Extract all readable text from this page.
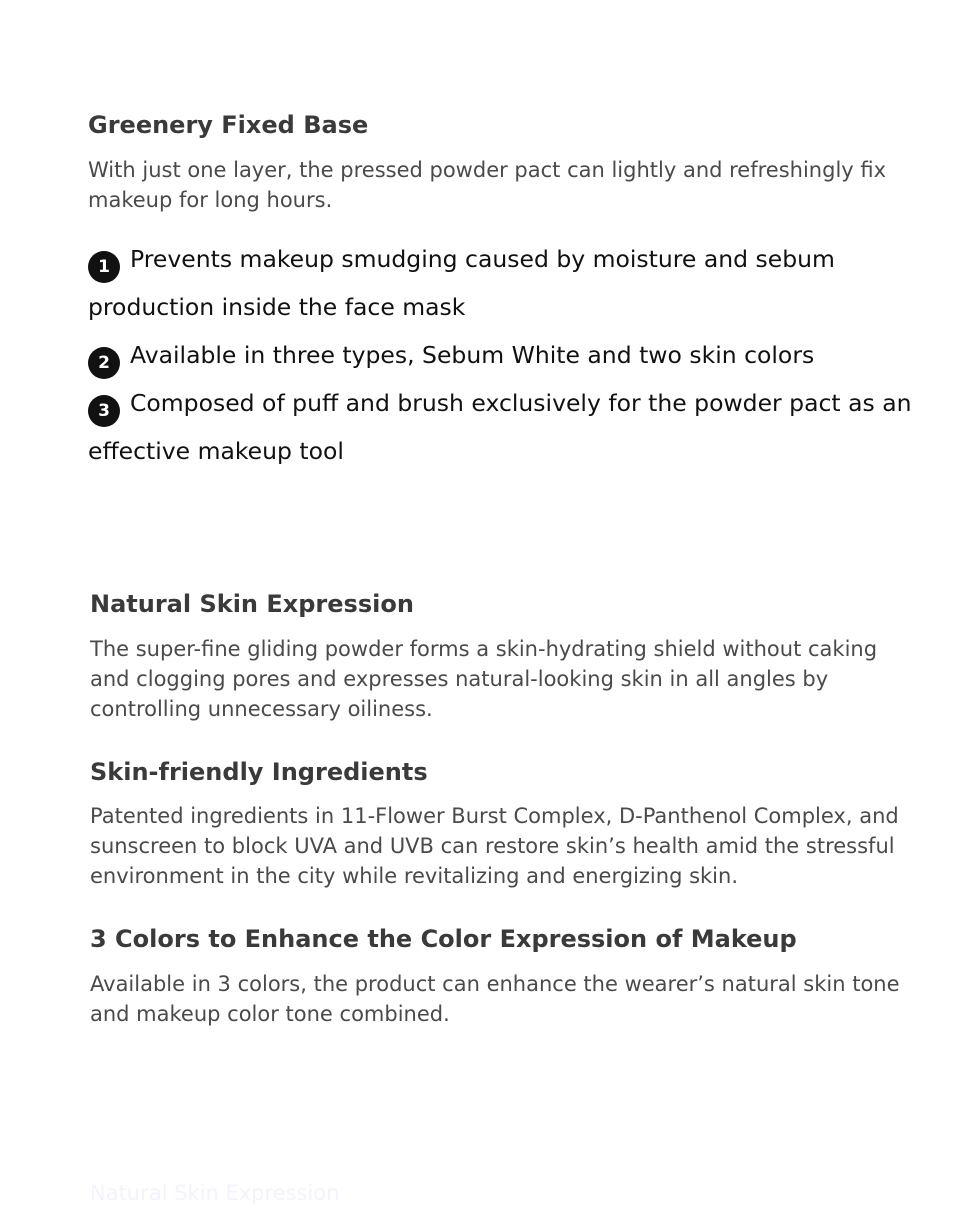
Greenery Fixed Base

With just one layer, the pressed powder pact can lightly and refreshingly fix makeup for long hours.

1 Prevents makeup smudging caused by moisture and sebum production inside the face mask
2 Available in three types, Sebum White and two skin colors
3 Composed of puff and brush exclusively for the powder pact as an effective makeup tool
Natural Skin Expression

The super-fine gliding powder forms a skin-hydrating shield without caking and clogging pores and expresses natural-looking skin in all angles by controlling unnecessary oiliness.

Skin-friendly Ingredients

Patented ingredients in 11-Flower Burst Complex, D-Panthenol Complex, and sunscreen to block UVA and UVB can restore skin’s health amid the stressful environment in the city while revitalizing and energizing skin.

3 Colors to Enhance the Color Expression of Makeup

Available in 3 colors, the product can enhance the wearer’s natural skin tone and makeup color tone combined.

Natural Skin Expression
